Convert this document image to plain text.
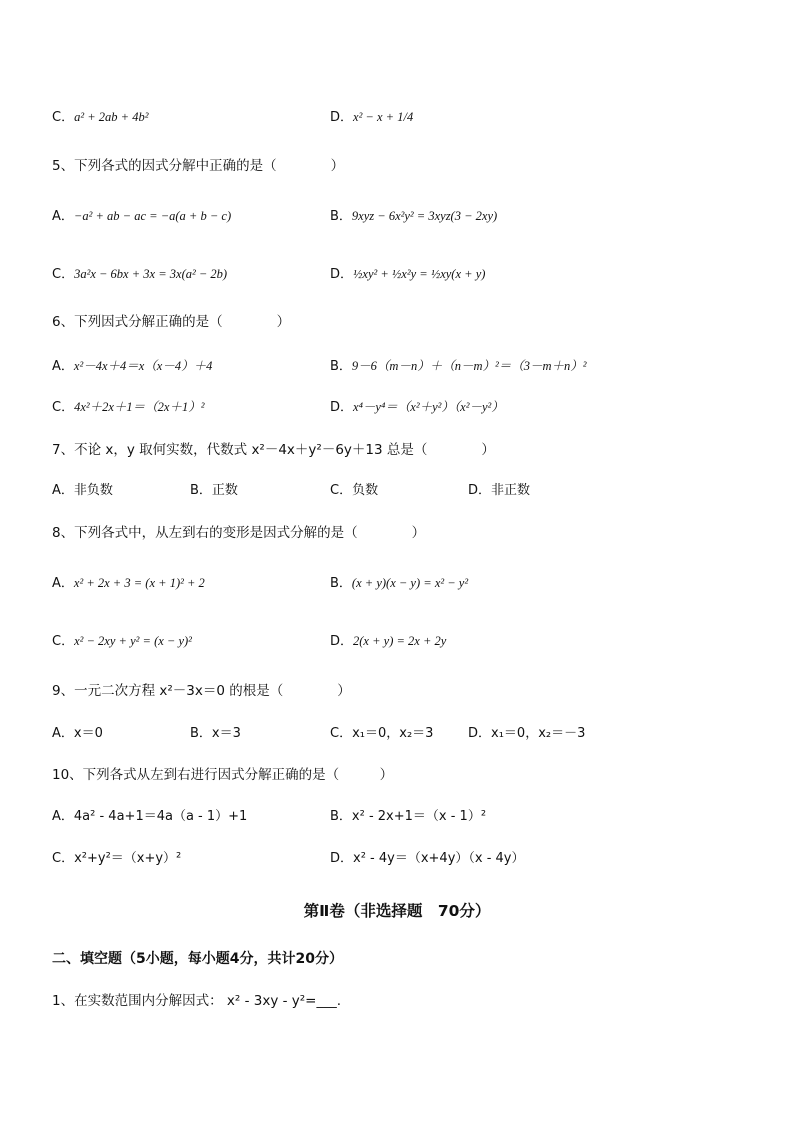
C．a² + 2ab + 4b²	D．x² − x + 1/4
5、下列各式的因式分解中正确的是（　　　　）
A．−a² + ab − ac = −a(a + b − c)	B．9xyz − 6x²y² = 3xyz(3 − 2xy)
C．3a²x − 6bx + 3x = 3x(a² − 2b)	D．½xy² + ½x²y = ½xy(x + y)
6、下列因式分解正确的是（　　　　）
A．x²－4x＋4＝x（x－4）＋4	B．9－6（m－n）＋（n－m）²＝（3－m＋n）²
C．4x²＋2x＋1＝（2x＋1）²	D．x⁴－y⁴＝（x²＋y²）（x²－y²）
7、不论 x，y 取何实数，代数式 x²－4x＋y²－6y＋13 总是（　　　　）
A．非负数	B．正数	C．负数	D．非正数
8、下列各式中，从左到右的变形是因式分解的是（　　　　）
A．x² + 2x + 3 = (x + 1)² + 2	B．(x + y)(x − y) = x² − y²
C．x² − 2xy + y² = (x − y)²	D．2(x + y) = 2x + 2y
9、一元二次方程 x²－3x＝0 的根是（　　　　）
A．x＝0	B．x＝3	C．x₁＝0，x₂＝3	D．x₁＝0，x₂＝－3
10、下列各式从左到右进行因式分解正确的是（　　　）
A．4a² - 4a+1＝4a（a - 1）+1	B．x² - 2x+1＝（x - 1）²
C．x²+y²＝（x+y）²	D．x² - 4y＝（x+4y）（x - 4y）
第Ⅱ卷（非选择题　70分）
二、填空题（5小题，每小题4分，共计20分）
1、在实数范围内分解因式： x² - 3xy - y²=___.
